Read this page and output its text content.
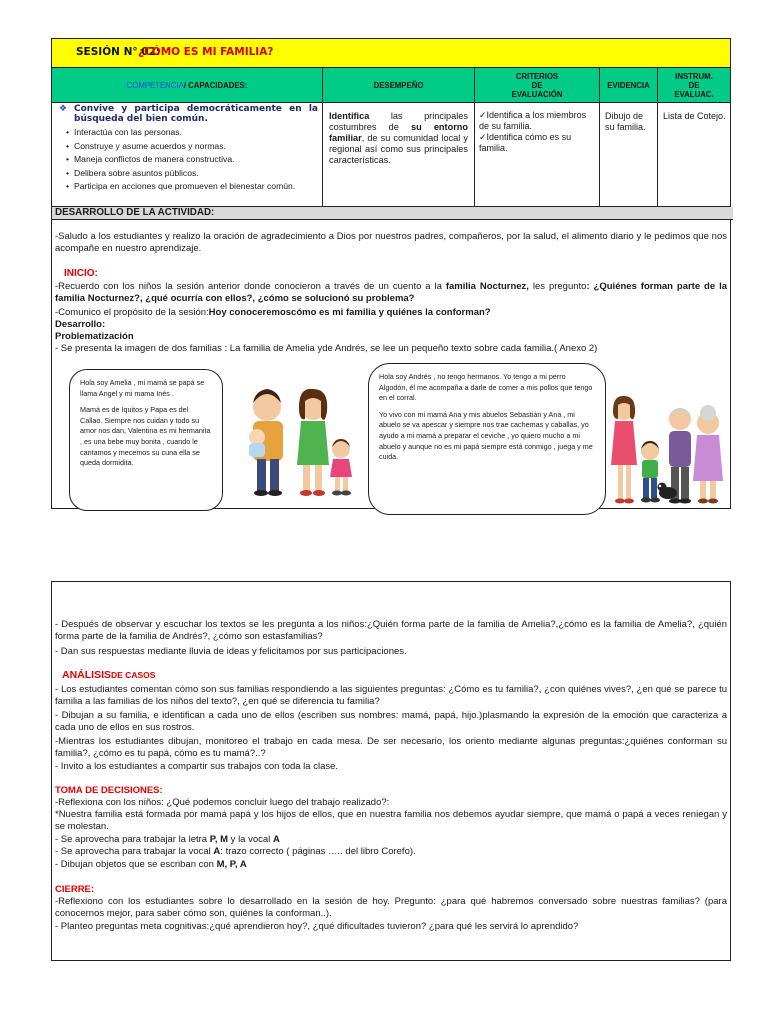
SESIÓN N° 02:
¿CÓMO ES MI FAMILIA?
COMPETENCIA/ CAPACIDADES:	DESEMPEÑO
CRITERIOS
DE
EVALUACIÓN
EVIDENCIA
INSTRUM.
DE
EVALUAC.
❖ Convive y participa democráticamente en la búsqueda del bien común.
• Interactúa con las personas.
• Construye y asume acuerdos y normas.
• Maneja conflictos de manera constructiva.
• Delibera sobre asuntos públicos.
• Participa en acciones que promueven el bienestar común.
Identifica las principales costumbres de su entorno familiar, de su comunidad local y regional así como sus principales características.
✓Identifica a los miembros de su familia.
✓Identifica cómo es su familia.
Dibujo de su familia.
Lista de Cotejo.
DESARROLLO DE LA ACTIVIDAD:
-Saludo a los estudiantes y realizo la oración de agradecimiento a Dios por nuestros padres, compañeros, por la salud, el alimento diario y le pedimos que nos acompañe en nuestro aprendizaje.
INICIO:
-Recuerdo con los niños la sesión anterior donde conocieron a través de un cuento a la familia Nocturnez, les pregunto: ¿Quiénes forman parte de la familia Nocturnez?, ¿qué ocurría con ellos?, ¿cómo se solucionó su problema?
-Comunico el propósito de la sesión:Hoy conoceremoscómo es mi familia y quiénes la conforman?
Desarrollo:
Problematización
- Se presenta la imagen de dos familias : La familia de Amelia yde Andrés, se lee un pequeño texto sobre cada familia.( Anexo 2)

Hola soy Amelia , mi mamá se papá se llama Angel y mi mama Inés .

Mamá es de Iquitos y Papa es del Callao. Siempre nos cuidan y todo su amor nos dan, Valentina es mi hermanita , es una bebe muy bonita , cuando le cantamos y mecemos su cuna ella se queda dormidita.

Hola soy Andrés , no tengo hermanos. Yo tengo a mi perro Algodón, él me acompaña a darle de comer a mis pollos que tengo en el corral.

Yo vivo con mi mamá Ana y mis abuelos Sebastián y Ana , mi abuelo se va apescar y siempre nos trae cachemas y caballas, yo ayudo a mi mamá a preparar el ceviche , yo quiero mucho a mi abuelo y aunque no es mi papá siempre está conmigo , juega y me cuida.

- Después de observar y escuchar los textos se les pregunta a los niños:¿Quién forma parte de la familia de Amelia?,¿cómo es la familia de Amelia?, ¿quién forma parte de la familia de Andrés?, ¿cómo son estasfamilias?
- Dan sus respuestas mediante lluvia de ideas y felicitamos por sus participaciones.
ANÁLISISDE CASOS
- Los estudiantes comentan cómo son sus familias respondiendo a las siguientes preguntas: ¿Cómo es tu familia?, ¿con quiénes vives?, ¿en qué se parece tu familia a las familias de los niños del texto?, ¿en qué se diferencia tu familia?
- Dibujan a su familia, e identifican a cada uno de ellos (escriben sus nombres: mamá, papá, hijo.)plasmando la expresión de la emoción que caracteriza a cada uno de ellos en sus rostros.
-Mientras los estudiantes dibujan, monitoreo el trabajo en cada mesa. De ser necesario, los oriento mediante algunas preguntas:¿quiénes conforman su familia?, ¿cómo es tu papá, cómo es tu mamá?..?
- Invito a los estudiantes a compartir sus trabajos con toda la clase.
TOMA DE DECISIONES:
-Reflexiona con los niños: ¿Qué podemos concluir luego del trabajo realizado?:
*Nuestra familia está formada por mamá papá y los hijos de ellos, que en nuestra familia nos debemos ayudar siempre, que mamá o papá a veces reniegan y se molestan.
- Se aprovecha para trabajar la letra P, M y la vocal A
- Se aprovecha para trabajar la vocal A: trazo correcto ( páginas ….. del libro Corefo).
- Dibujan objetos que se escriban con M, P, A
CIERRE:
-Reflexiono con los estudiantes sobre lo desarrollado en la sesión de hoy. Pregunto: ¿para qué habremos conversado sobre nuestras familias? (para conocernos mejor, para saber cómo son, quiénes la conforman..).
- Planteo preguntas meta cognitivas:¿qué aprendieron hoy?, ¿qué dificultades tuvieron? ¿para qué les servirá lo aprendido?
